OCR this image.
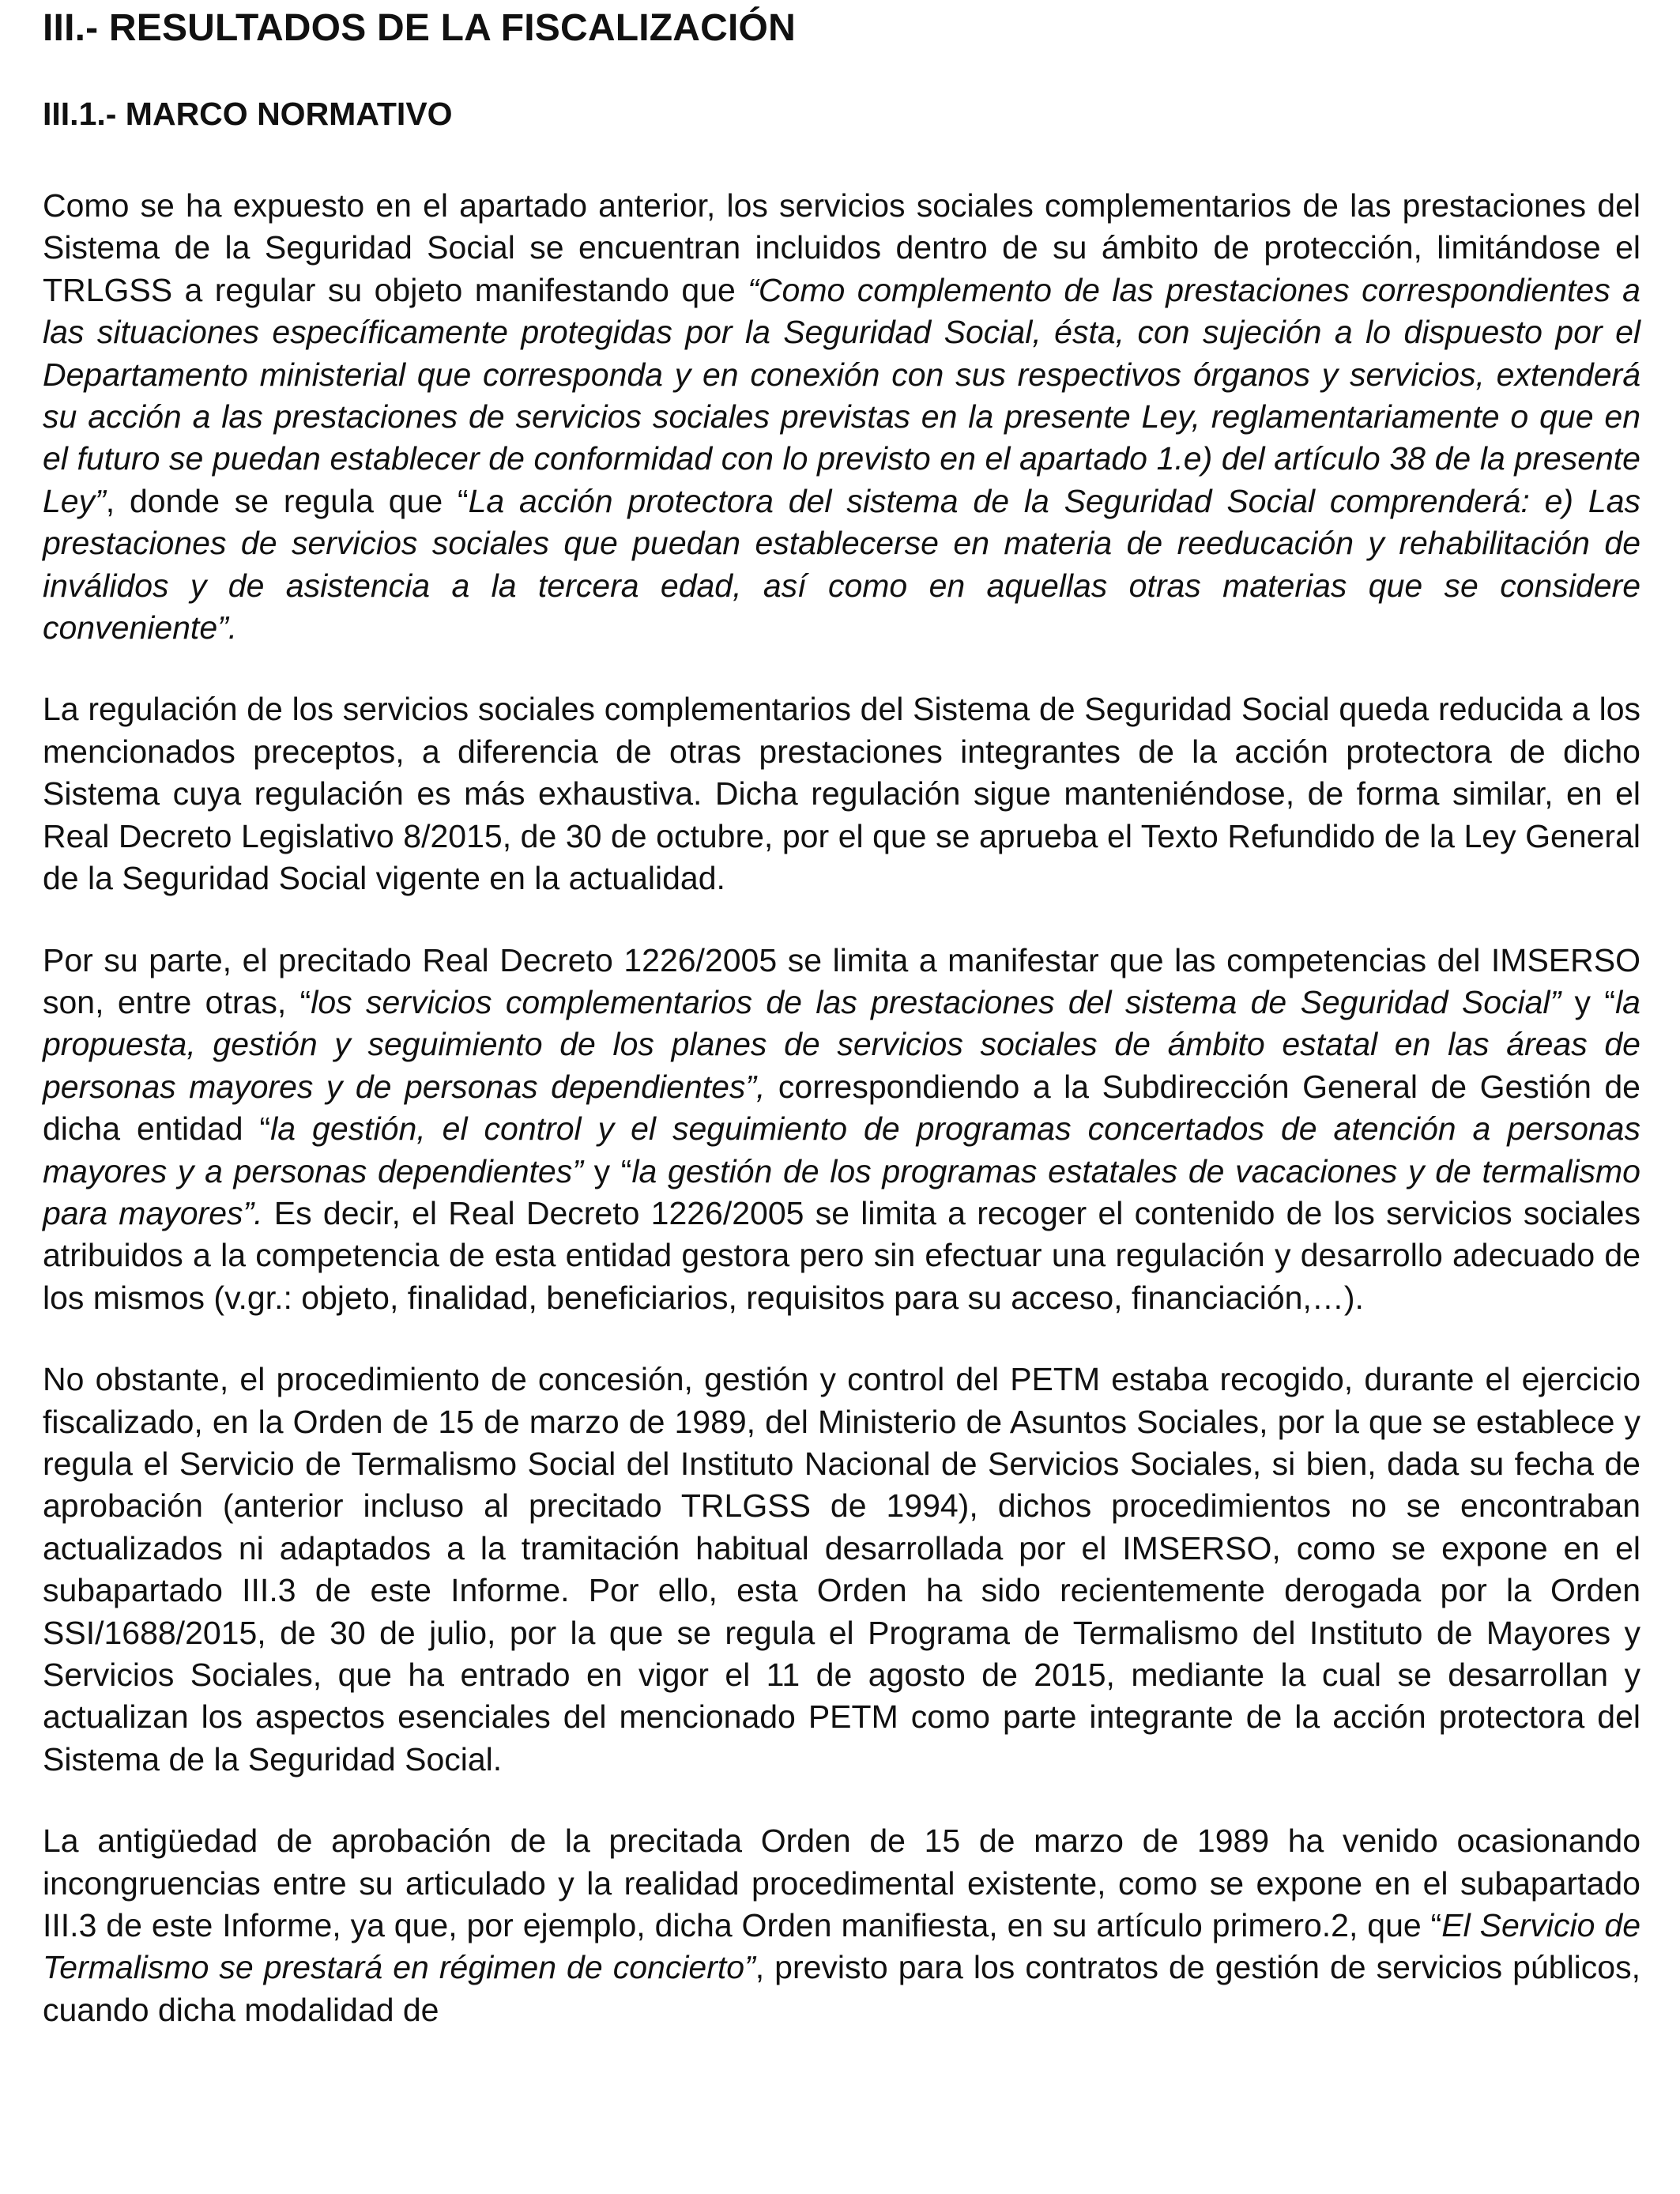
III.- RESULTADOS DE LA FISCALIZACIÓN
III.1.- MARCO NORMATIVO

Como se ha expuesto en el apartado anterior, los servicios sociales complementarios de las prestaciones del Sistema de la Seguridad Social se encuentran incluidos dentro de su ámbito de protección, limitándose el TRLGSS a regular su objeto manifestando que “Como complemento de las prestaciones correspondientes a las situaciones específicamente protegidas por la Seguridad Social, ésta, con sujeción a lo dispuesto por el Departamento ministerial que corresponda y en conexión con sus respectivos órganos y servicios, extenderá su acción a las prestaciones de servicios sociales previstas en la presente Ley, reglamentariamente o que en el futuro se puedan establecer de conformidad con lo previsto en el apartado 1.e) del artículo 38 de la presente Ley”, donde se regula que “La acción protectora del sistema de la Seguridad Social comprenderá: e) Las prestaciones de servicios sociales que puedan establecerse en materia de reeducación y rehabilitación de inválidos y de asistencia a la tercera edad, así como en aquellas otras materias que se considere conveniente”.

La regulación de los servicios sociales complementarios del Sistema de Seguridad Social queda reducida a los mencionados preceptos, a diferencia de otras prestaciones integrantes de la acción protectora de dicho Sistema cuya regulación es más exhaustiva. Dicha regulación sigue manteniéndose, de forma similar, en el Real Decreto Legislativo 8/2015, de 30 de octubre, por el que se aprueba el Texto Refundido de la Ley General de la Seguridad Social vigente en la actualidad.

Por su parte, el precitado Real Decreto 1226/2005 se limita a manifestar que las competencias del IMSERSO son, entre otras, “los servicios complementarios de las prestaciones del sistema de Seguridad Social” y “la propuesta, gestión y seguimiento de los planes de servicios sociales de ámbito estatal en las áreas de personas mayores y de personas dependientes”, correspondiendo a la Subdirección General de Gestión de dicha entidad “la gestión, el control y el seguimiento de programas concertados de atención a personas mayores y a personas dependientes” y “la gestión de los programas estatales de vacaciones y de termalismo para mayores”. Es decir, el Real Decreto 1226/2005 se limita a recoger el contenido de los servicios sociales atribuidos a la competencia de esta entidad gestora pero sin efectuar una regulación y desarrollo adecuado de los mismos (v.gr.: objeto, finalidad, beneficiarios, requisitos para su acceso, financiación,…).

No obstante, el procedimiento de concesión, gestión y control del PETM estaba recogido, durante el ejercicio fiscalizado, en la Orden de 15 de marzo de 1989, del Ministerio de Asuntos Sociales, por la que se establece y regula el Servicio de Termalismo Social del Instituto Nacional de Servicios Sociales, si bien, dada su fecha de aprobación (anterior incluso al precitado TRLGSS de 1994), dichos procedimientos no se encontraban actualizados ni adaptados a la tramitación habitual desarrollada por el IMSERSO, como se expone en el subapartado III.3 de este Informe. Por ello, esta Orden ha sido recientemente derogada por la Orden SSI/1688/2015, de 30 de julio, por la que se regula el Programa de Termalismo del Instituto de Mayores y Servicios Sociales, que ha entrado en vigor el 11 de agosto de 2015, mediante la cual se desarrollan y actualizan los aspectos esenciales del mencionado PETM como parte integrante de la acción protectora del Sistema de la Seguridad Social.

La antigüedad de aprobación de la precitada Orden de 15 de marzo de 1989 ha venido ocasionando incongruencias entre su articulado y la realidad procedimental existente, como se expone en el subapartado III.3 de este Informe, ya que, por ejemplo, dicha Orden manifiesta, en su artículo primero.2, que “El Servicio de Termalismo se prestará en régimen de concierto”, previsto para los contratos de gestión de servicios públicos, cuando dicha modalidad de
